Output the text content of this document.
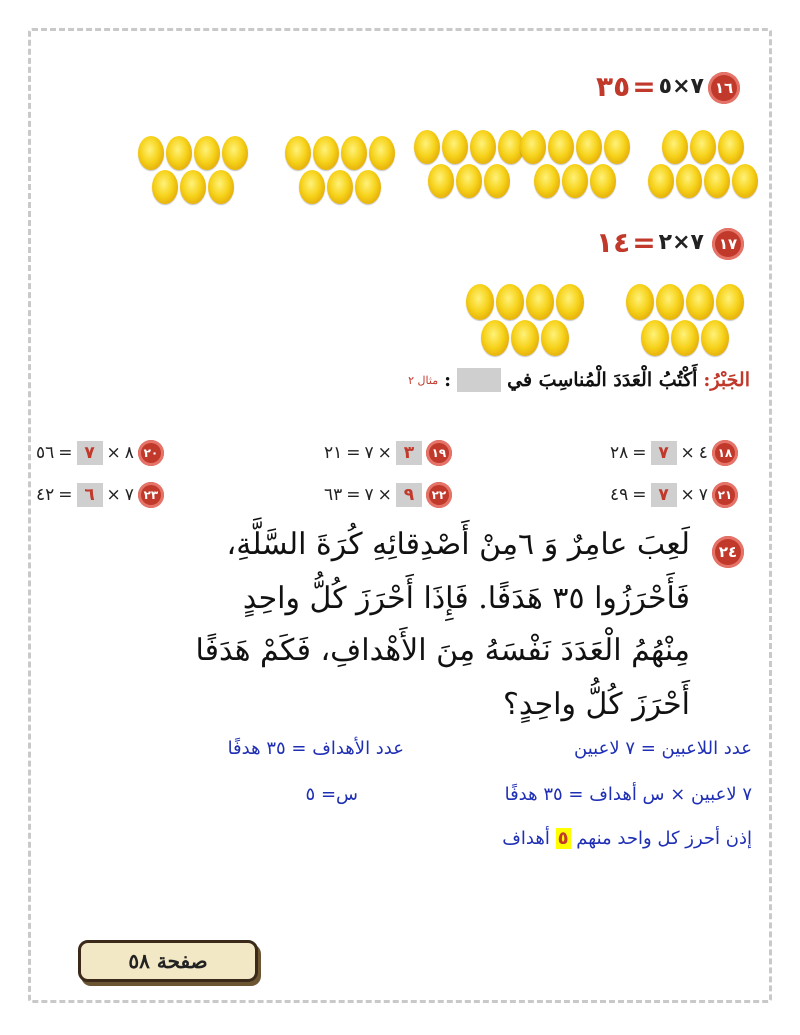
١٦
٣٥ = ٧×٥
١٧
١٤ = ٧×٢
الجَبْرُ:
أَكْتُبُ الْعَدَدَ الْمُناسِبَ في
:
مثال ٢
٢٨ = ٧ × ٤ ١٨
٢١ = ٧ × ٣	١٩
٥٦ = ٧ × ٨ ٢٠
٤٩ = ٧ × ٧ ٢١
٦٣ = ٧ × ٩	٢٢
٤٢ = ٦ × ٧ ٢٣
٢٤
لَعِبَ عامِرٌ وَ ٦مِنْ أَصْدِقائِهِ كُرَةَ السَّلَّةِ،
فَأَحْرَزُوا ٣٥ هَدَفًا. فَإِذَا أَحْرَزَ كُلُّ واحِدٍ
مِنْهُمُ الْعَدَدَ نَفْسَهُ مِنَ الأَهْدافِ، فَكَمْ هَدَفًا
أَحْرَزَ كُلُّ واحِدٍ؟
عدد اللاعبين = ٧ لاعبين
عدد الأهداف = ٣٥ هدفًا
٧ لاعبين × س أهداف = ٣٥ هدفًا
س= ٥
إذن أحرز كل واحد منهم ٥ أهداف
صفحة ٥٨
